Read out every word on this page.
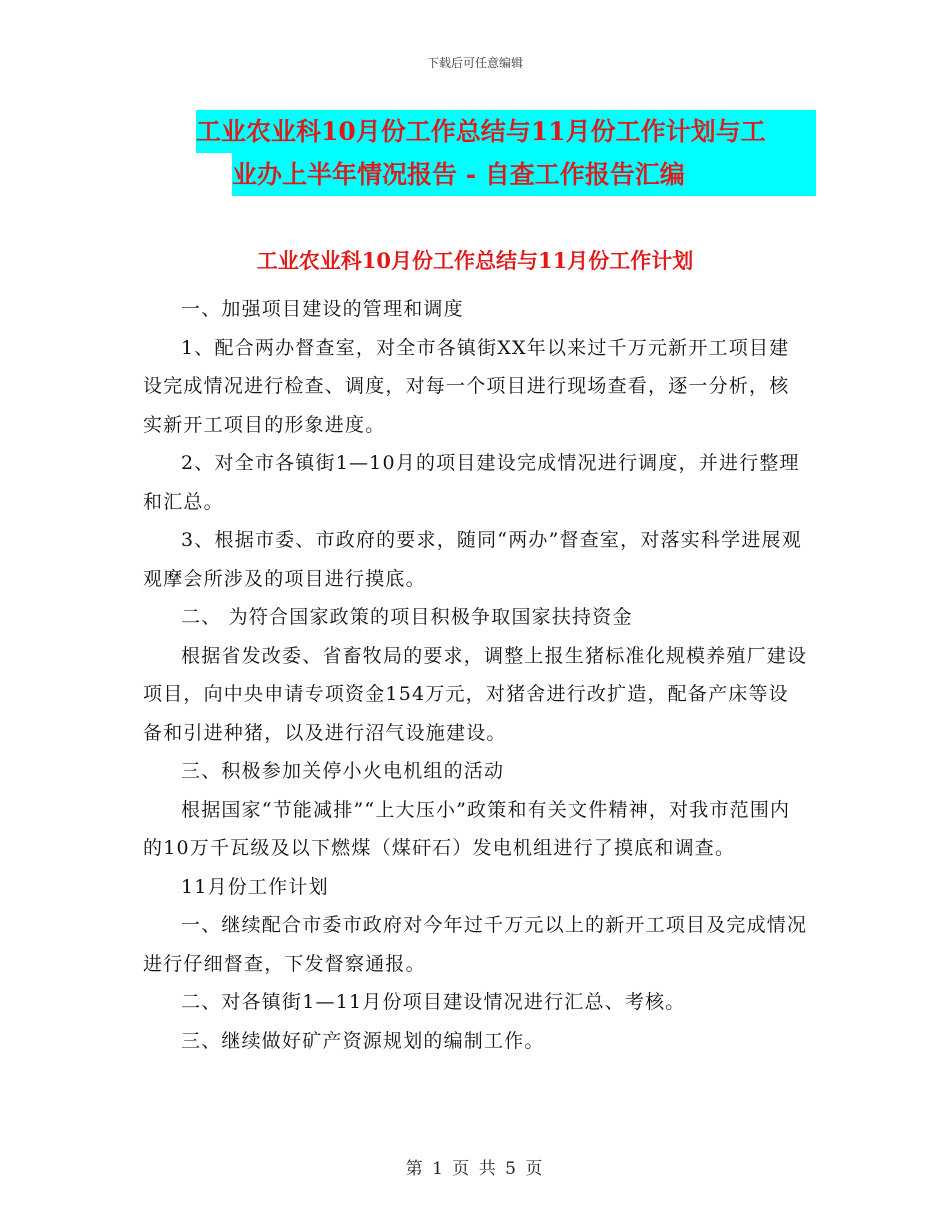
下载后可任意编辑
工业农业科10月份工作总结与11月份工作计划与工
业办上半年情况报告 - 自查工作报告汇编
工业农业科10月份工作总结与11月份工作计划

一、加强项目建设的管理和调度

1、配合两办督查室，对全市各镇街XX年以来过千万元新开工项目建设完成情况进行检查、调度，对每一个项目进行现场查看，逐一分析，核实新开工项目的形象进度。

2、对全市各镇街1—10月的项目建设完成情况进行调度，并进行整理和汇总。

3、根据市委、市政府的要求，随同“两办”督查室，对落实科学进展观观摩会所涉及的项目进行摸底。

二、 为符合国家政策的项目积极争取国家扶持资金

根据省发改委、省畜牧局的要求，调整上报生猪标准化规模养殖厂建设项目，向中央申请专项资金154万元，对猪舍进行改扩造，配备产床等设备和引进种猪，以及进行沼气设施建设。

三、积极参加关停小火电机组的活动

根据国家“节能减排”“上大压小”政策和有关文件精神，对我市范围内的10万千瓦级及以下燃煤（煤矸石）发电机组进行了摸底和调查。

11月份工作计划

一、继续配合市委市政府对今年过千万元以上的新开工项目及完成情况进行仔细督查，下发督察通报。

二、对各镇街1—11月份项目建设情况进行汇总、考核。

三、继续做好矿产资源规划的编制工作。

第 1 页 共 5 页
